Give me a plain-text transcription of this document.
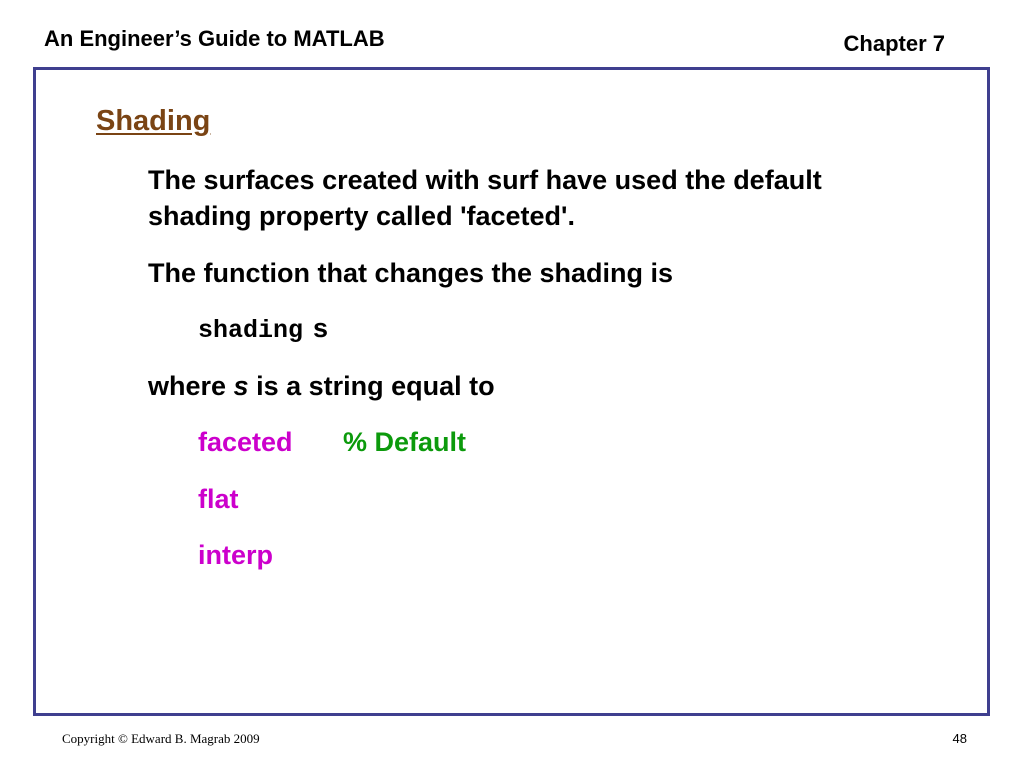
An Engineer’s Guide to MATLAB	Chapter 7
Shading
The surfaces created with surf have used the default
shading property called 'faceted'.
The function that changes the shading is
shading s
where s is a string equal to
faceted % Default
flat
interp
Copyright © Edward B. Magrab 2009	48
